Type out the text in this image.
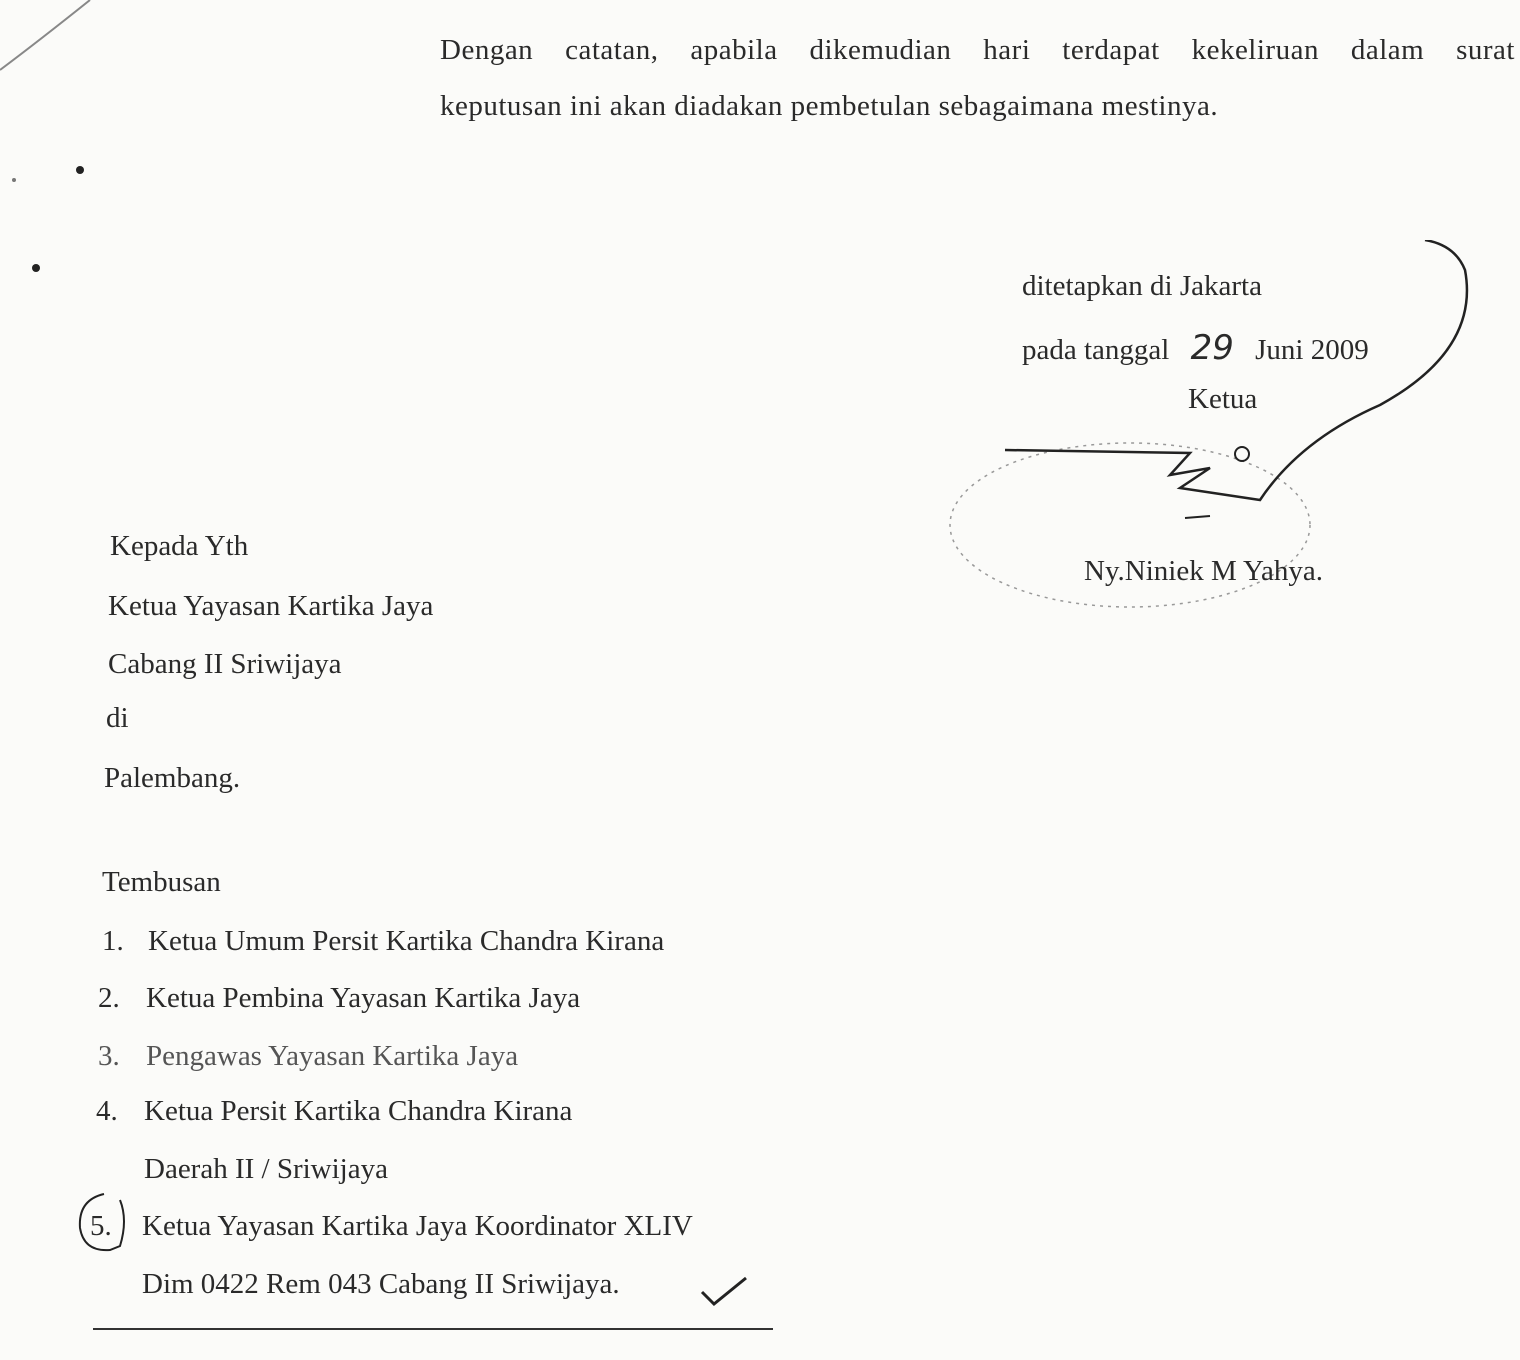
Dengan catatan, apabila dikemudian hari terdapat kekeliruan dalam surat
keputusan ini akan diadakan pembetulan sebagaimana mestinya.
ditetapkan di Jakarta
pada tanggal 29 Juni 2009
Ketua
Ny.Niniek M Yahya.
Kepada Yth
Ketua Yayasan Kartika Jaya
Cabang II Sriwijaya
di
Palembang.
Tembusan
1. Ketua Umum Persit Kartika Chandra Kirana
2. Ketua Pembina Yayasan Kartika Jaya
3. Pengawas Yayasan Kartika Jaya
4. Ketua Persit Kartika Chandra Kirana
Daerah II / Sriwijaya
5. Ketua Yayasan Kartika Jaya Koordinator XLIV
Dim 0422 Rem 043 Cabang II Sriwijaya.
